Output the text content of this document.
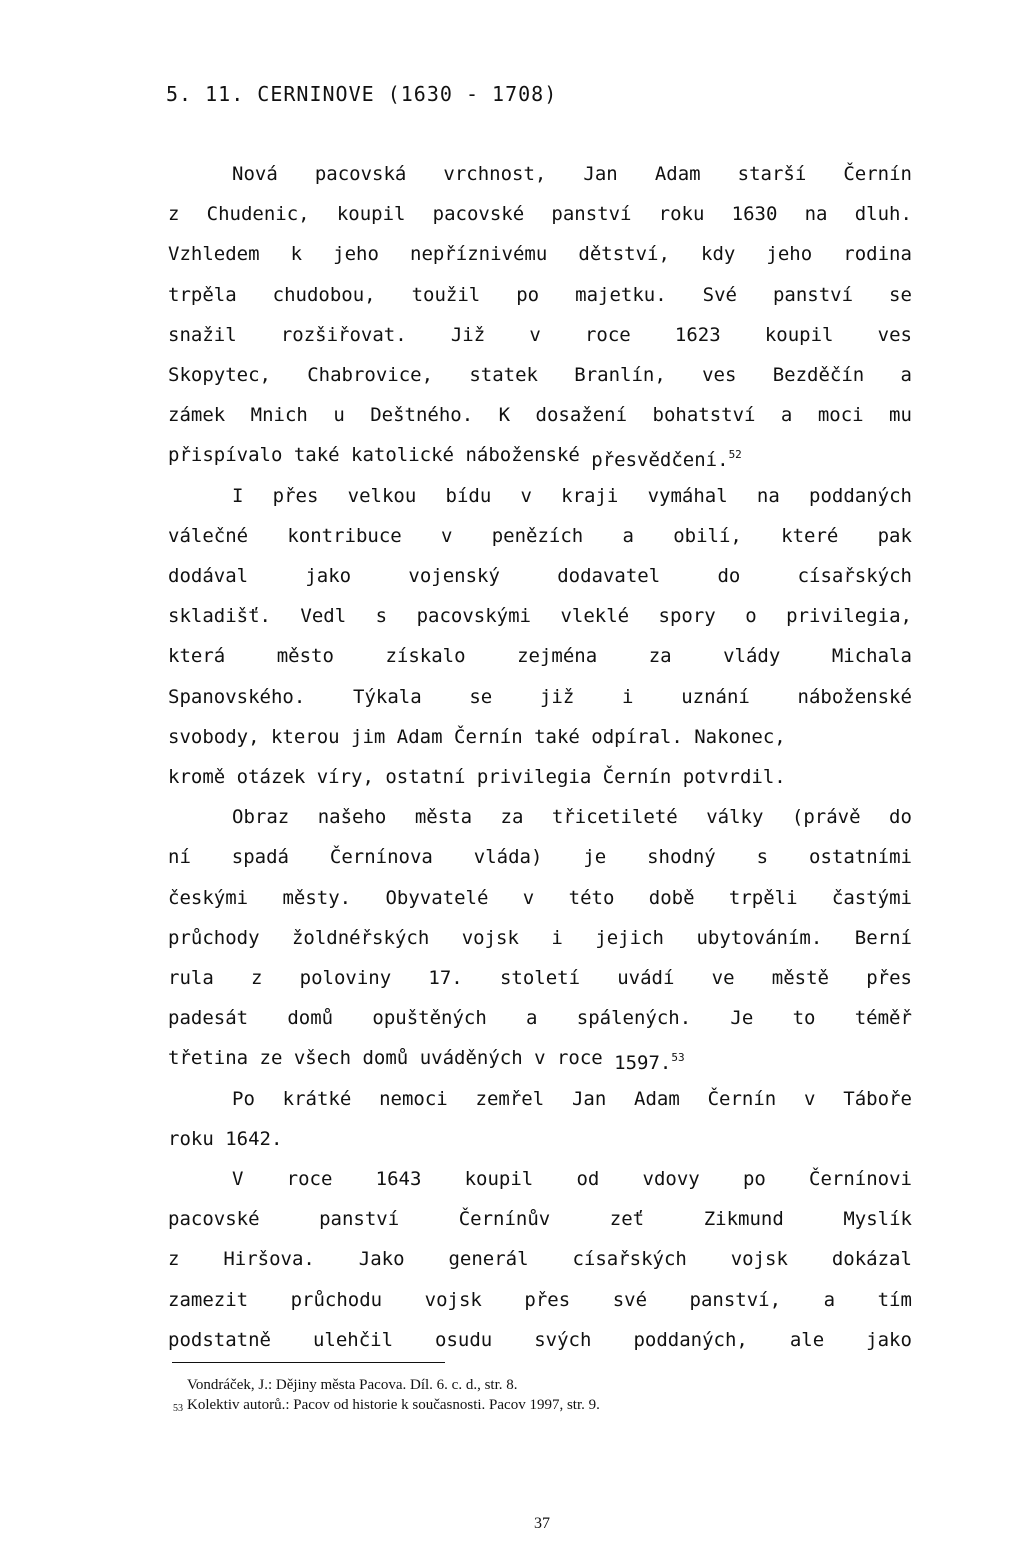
5. 11. CERNINOVE (1630 - 1708)
Nová pacovská vrchnost, Jan Adam starší Černín
z Chudenic, koupil pacovské panství roku 1630 na dluh.
Vzhledem k jeho nepříznivému dětství, kdy jeho rodina
trpěla chudobou, toužil po majetku. Své panství se
snažil rozšiřovat. Již v roce 1623 koupil ves
Skopytec, Chabrovice, statek Branlín, ves Bezděčín a
zámek Mnich u Deštného. K dosažení bohatství a moci mu
přispívalo také katolické náboženské přesvědčení.$^{52}$
I přes velkou bídu v kraji vymáhal na poddaných
válečné kontribuce v penězích a obilí, které pak
dodával	jako	vojenský	dodavatel	do	císařských
skladišť. Vedl s pacovskými vleklé spory o privilegia,
která	město	získalo	zejména	za	vlády	Michala
Spanovského.	Týkala	se	již	i	uznání	náboženské
svobody, kterou jim Adam Černín také odpíral. Nakonec,
kromě otázek víry, ostatní privilegia Černín potvrdil.
Obraz našeho města za třicetileté války (právě do
ní spadá Černínova vláda) je shodný s ostatními
českými městy. Obyvatelé v této době trpěli častými
průchody žoldnéřských vojsk i jejich ubytováním. Berní
rula z poloviny 17. století uvádí ve městě přes
padesát domů opuštěných a spálených. Je to téměř
třetina ze všech domů uváděných v roce 1597.53
Po krátké nemoci zemřel Jan Adam Černín v Táboře
roku 1642.
V roce 1643 koupil od vdovy po Černínovi
pacovské	panství	Černínův	zeť	Zikmund	Myslík
z Hiršova. Jako generál císařských vojsk dokázal
zamezit průchodu vojsk přes své panství, a tím
podstatně ulehčil osudu svých poddaných, ale jako
Vondráček, J.: Dějiny města Pacova. Díl. 6. c. d., str. 8.
53 Kolektiv autorů.: Pacov od historie k současnosti. Pacov 1997, str. 9.
37
